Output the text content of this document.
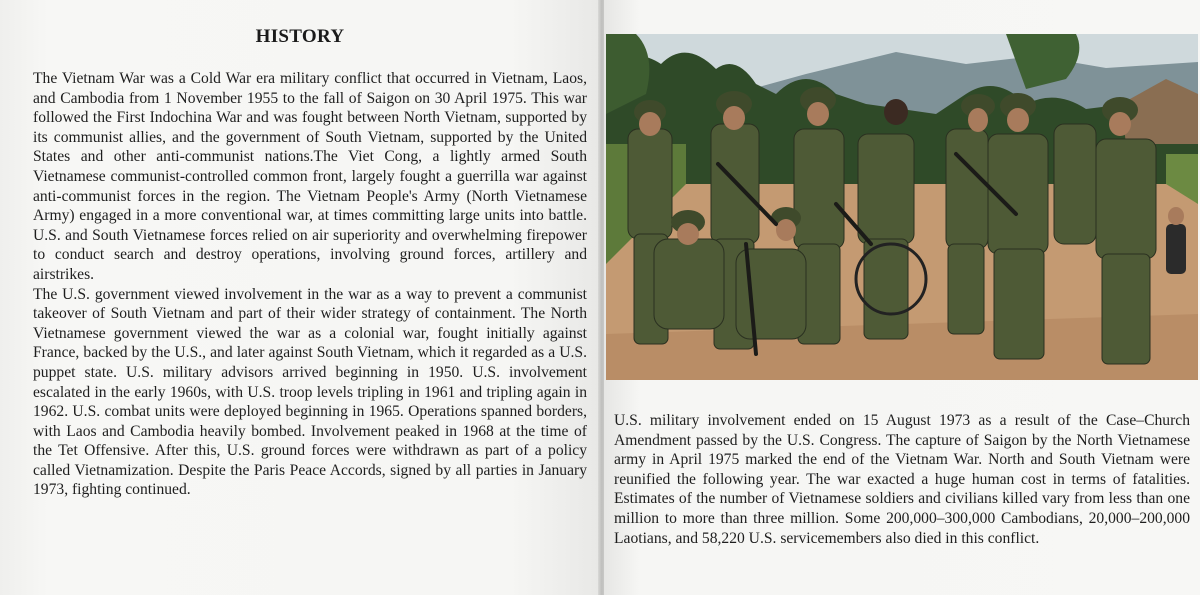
HISTORY

The Vietnam War was a Cold War era military conflict that occurred in Vietnam, Laos, and Cambodia from 1 November 1955 to the fall of Saigon on 30 April 1975. This war followed the First Indochina War and was fought between North Vietnam, supported by its communist allies, and the government of South Vietnam, supported by the United States and other anti-communist nations.The Viet Cong, a lightly armed South Vietnamese communist-controlled common front, largely fought a guerrilla war against anti-communist forces in the region. The Vietnam People's Army (North Vietnamese Army) engaged in a more conventional war, at times committing large units into battle. U.S. and South Vietnamese forces relied on air superiority and overwhelming firepower to conduct search and destroy operations, involving ground forces, artillery and airstrikes.

The U.S. government viewed involvement in the war as a way to prevent a communist takeover of South Vietnam and part of their wider strategy of containment. The North Vietnamese government viewed the war as a colonial war, fought initially against France, backed by the U.S., and later against South Vietnam, which it regarded as a U.S. puppet state. U.S. military advisors arrived beginning in 1950. U.S. involvement escalated in the early 1960s, with U.S. troop levels tripling in 1961 and tripling again in 1962. U.S. combat units were deployed beginning in 1965. Operations spanned borders, with Laos and Cambodia heavily bombed. Involvement peaked in 1968 at the time of the Tet Offensive. After this, U.S. ground forces were withdrawn as part of a policy called Vietnamization. Despite the Paris Peace Accords, signed by all parties in January 1973, fighting continued.

U.S. military involvement ended on 15 August 1973 as a result of the Case–Church Amendment passed by the U.S. Congress. The capture of Saigon by the North Vietnamese army in April 1975 marked the end of the Vietnam War. North and South Vietnam were reunified the following year. The war exacted a huge human cost in terms of fatalities. Estimates of the number of Vietnamese soldiers and civilians killed vary from less than one million to more than three million. Some 200,000–300,000 Cambodians, 20,000–200,000 Laotians, and 58,220 U.S. servicemembers also died in this conflict.
